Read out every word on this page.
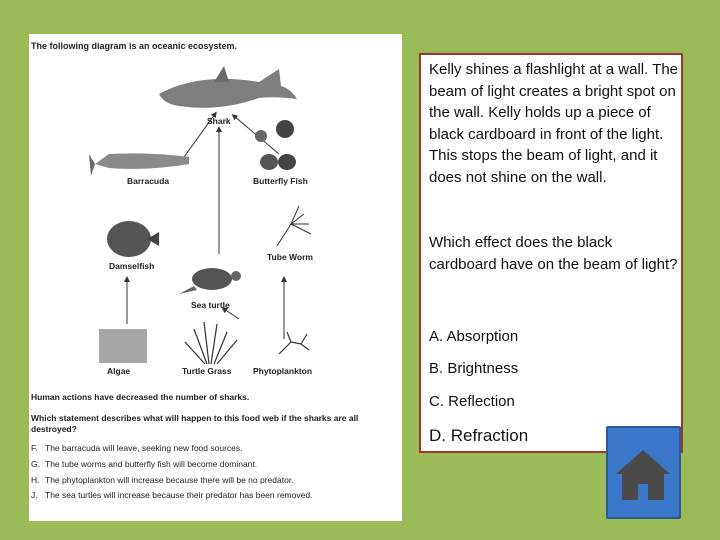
The following diagram is an oceanic ecosystem.
Shark
Barracuda	Butterfly Fish
Damselfish
Tube Worm
Sea turtle
Algae	Turtle Grass	Phytoplankton
Human actions have decreased the number of sharks.
Which statement describes what will happen to this food web if the sharks are all destroyed?
F. The barracuda will leave, seeking new food sources.
G. The tube worms and butterfly fish will become dominant.
H. The phytoplankton will increase because there will be no predator.
J. The sea turtles will increase because their predator has been removed.

Kelly shines a flashlight at a wall. The beam of light creates a bright spot on the wall. Kelly holds up a piece of black cardboard in front of the light. This stops the beam of light, and it does not shine on the wall.

Which effect does the black cardboard have on the beam of light?

A. Absorption
B. Brightness
C. Reflection
D. Refraction
